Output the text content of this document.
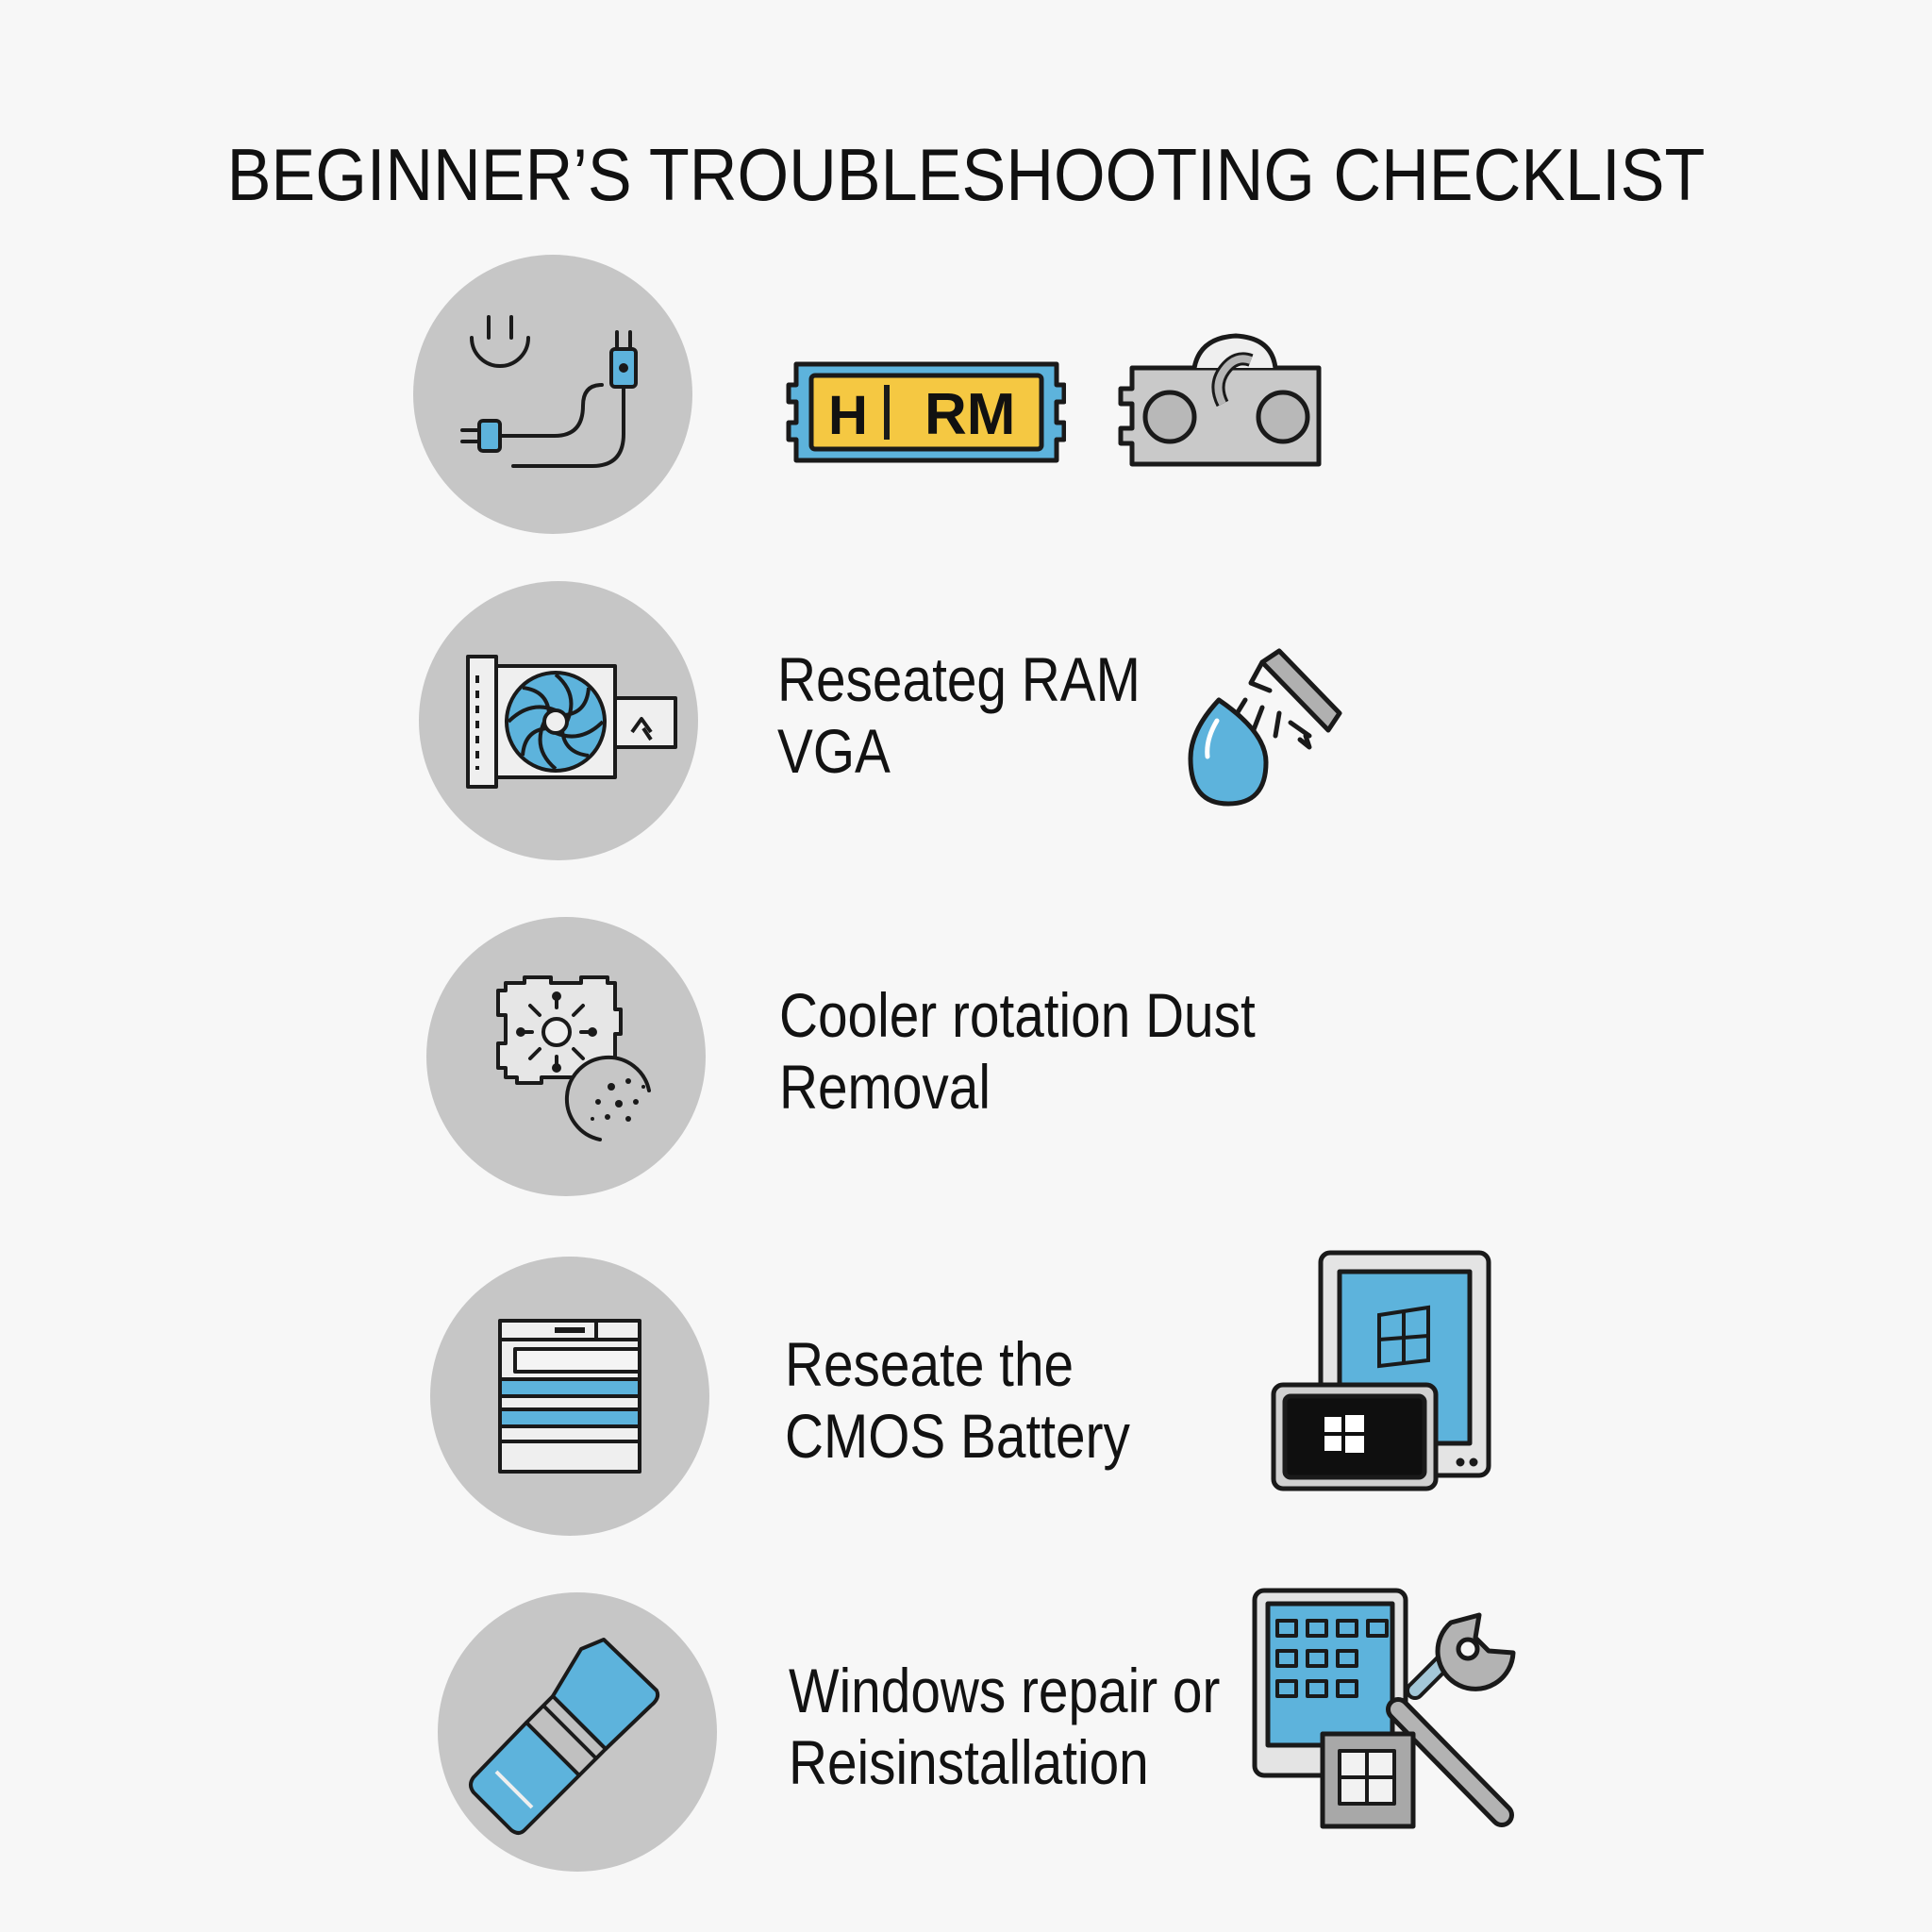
BEGINNER’S TROUBLESHOOTING CHECKLIST
H RM
Reseateg RAM
VGA
Cooler rotation Dust
Removal
Reseate the
CMOS Battery
Windows repair or
Reisinstallation
